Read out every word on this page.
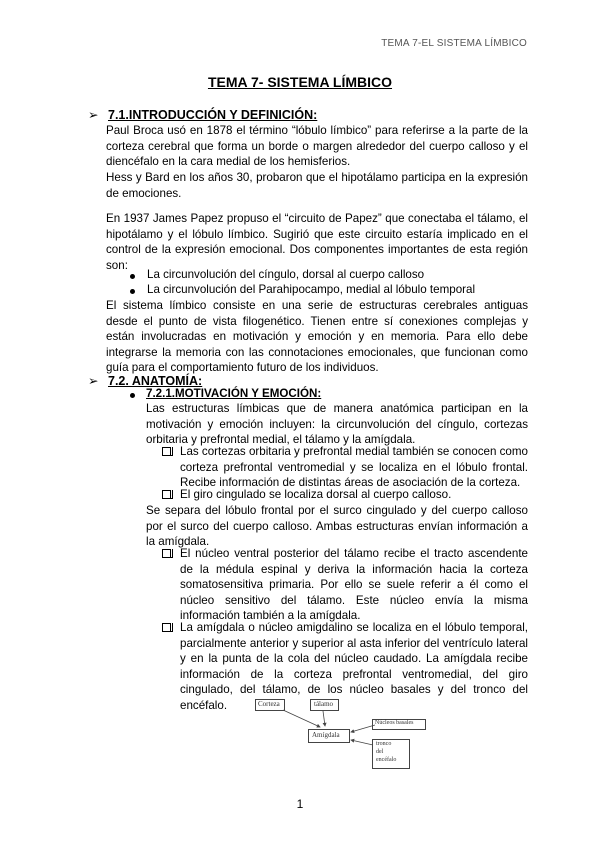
TEMA 7-EL SISTEMA LÍMBICO
TEMA 7- SISTEMA LÍMBICO
➢ 7.1.INTRODUCCIÓN Y DEFINICIÓN:
Paul Broca usó en 1878 el término “lóbulo límbico” para referirse a la parte de la corteza cerebral que forma un borde o margen alrededor del cuerpo calloso y el diencéfalo en la cara medial de los hemisferios.
Hess y Bard en los años 30, probaron que el hipotálamo participa en la expresión de emociones.
En 1937 James Papez propuso el “circuito de Papez” que conectaba el tálamo, el hipotálamo y el lóbulo límbico. Sugirió que este circuito estaría implicado en el control de la expresión emocional. Dos componentes importantes de esta región son:
La circunvolución del cíngulo, dorsal al cuerpo calloso
La circunvolución del Parahipocampo, medial al lóbulo temporal
El sistema límbico consiste en una serie de estructuras cerebrales antiguas desde el punto de vista filogenético. Tienen entre sí conexiones complejas y están involucradas en motivación y emoción y en memoria. Para ello debe integrarse la memoria con las connotaciones emocionales, que funcionan como guía para el comportamiento futuro de los individuos.
➢ 7.2. ANATOMÍA:
7.2.1.MOTIVACIÓN Y EMOCIÓN:
Las estructuras límbicas que de manera anatómica participan en la motivación y emoción incluyen: la circunvolución del cíngulo, cortezas orbitaria y prefrontal medial, el tálamo y la amígdala.
Las cortezas orbitaria y prefrontal medial también se conocen como corteza prefrontal ventromedial y se localiza en el lóbulo frontal. Recibe información de distintas áreas de asociación de la corteza.
El giro cingulado se localiza dorsal al cuerpo calloso.
Se separa del lóbulo frontal por el surco cingulado y del cuerpo calloso por el surco del cuerpo calloso. Ambas estructuras envían información a la amígdala.
El núcleo ventral posterior del tálamo recibe el tracto ascendente de la médula espinal y deriva la información hacia la corteza somatosensitiva primaria. Por ello se suele referir a él como el núcleo sensitivo del tálamo. Este núcleo envía la misma información también a la amígdala.
La amígdala o núcleo amigdalino se localiza en el lóbulo temporal, parcialmente anterior y superior al asta inferior del ventrículo lateral y en la punta de la cola del núcleo caudado. La amígdala recibe información de la corteza prefrontal ventromedial, del giro cingulado, del tálamo, de los núcleo basales y del tronco del encéfalo.	Corteza	tálamo
Núcleos basales
Amígdala
tronco
del
encéfalo
1
